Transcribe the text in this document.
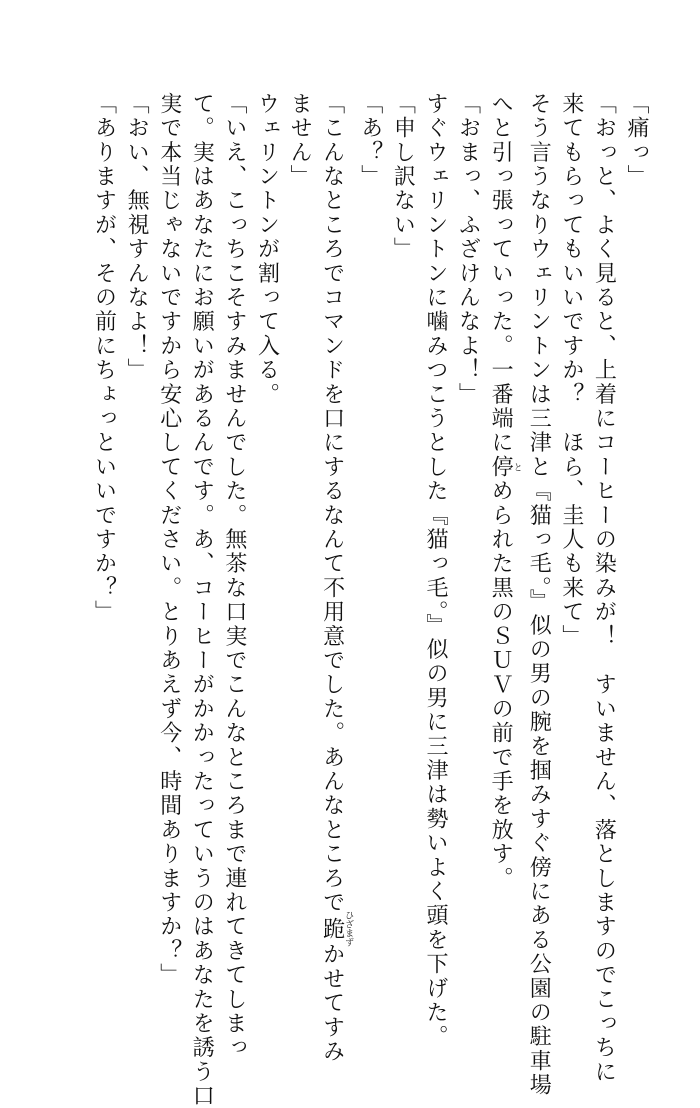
「痛っ」
「おっと、よく見ると、上着にコーヒーの染みが！　すいません、落としますのでこっちに
来てもらってもいいですか？　ほら、圭人も来て」
そう言うなりウェリントンは三津と『猫っ毛。』似の男の腕を掴みすぐ傍にある公園の駐車場
へと引っ張っていった。一番端に停とめられた黒のＳＵＶの前で手を放す。
「おまっ、ふざけんなよ！」
すぐウェリントンに噛みつこうとした『猫っ毛。』似の男に三津は勢いよく頭を下げた。
「申し訳ない」
「あ？」
「こんなところでコマンドを口にするなんて不用意でした。あんなところで跪ひざまずかせてすみ
ません」
ウェリントンが割って入る。
「いえ、こっちこそすみませんでした。無茶な口実でこんなところまで連れてきてしまっ
て。実はあなたにお願いがあるんです。あ、コーヒーがかかったっていうのはあなたを誘う口
実で本当じゃないですから安心してください。とりあえず今、時間ありますか？」
「おい、無視すんなよ！」
「ありますが、その前にちょっといいですか？」
